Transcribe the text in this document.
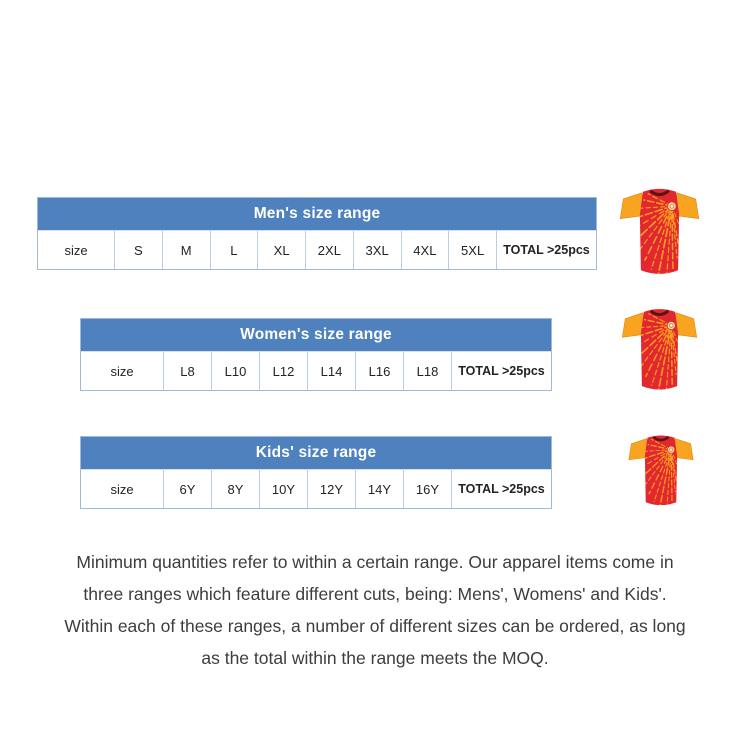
Men's size range
size	S	M	L	XL	2XL	3XL	4XL	5XL	TOTAL >25pcs
Women's size range
size	L8	L10	L12	L14	L16	L18	TOTAL >25pcs
Kids' size range
size	6Y	8Y	10Y	12Y	14Y	16Y	TOTAL >25pcs

Minimum quantities refer to within a certain range. Our apparel items come in three ranges which feature different cuts, being: Mens', Womens' and Kids'. Within each of these ranges, a number of different sizes can be ordered, as long as the total within the range meets the MOQ.
